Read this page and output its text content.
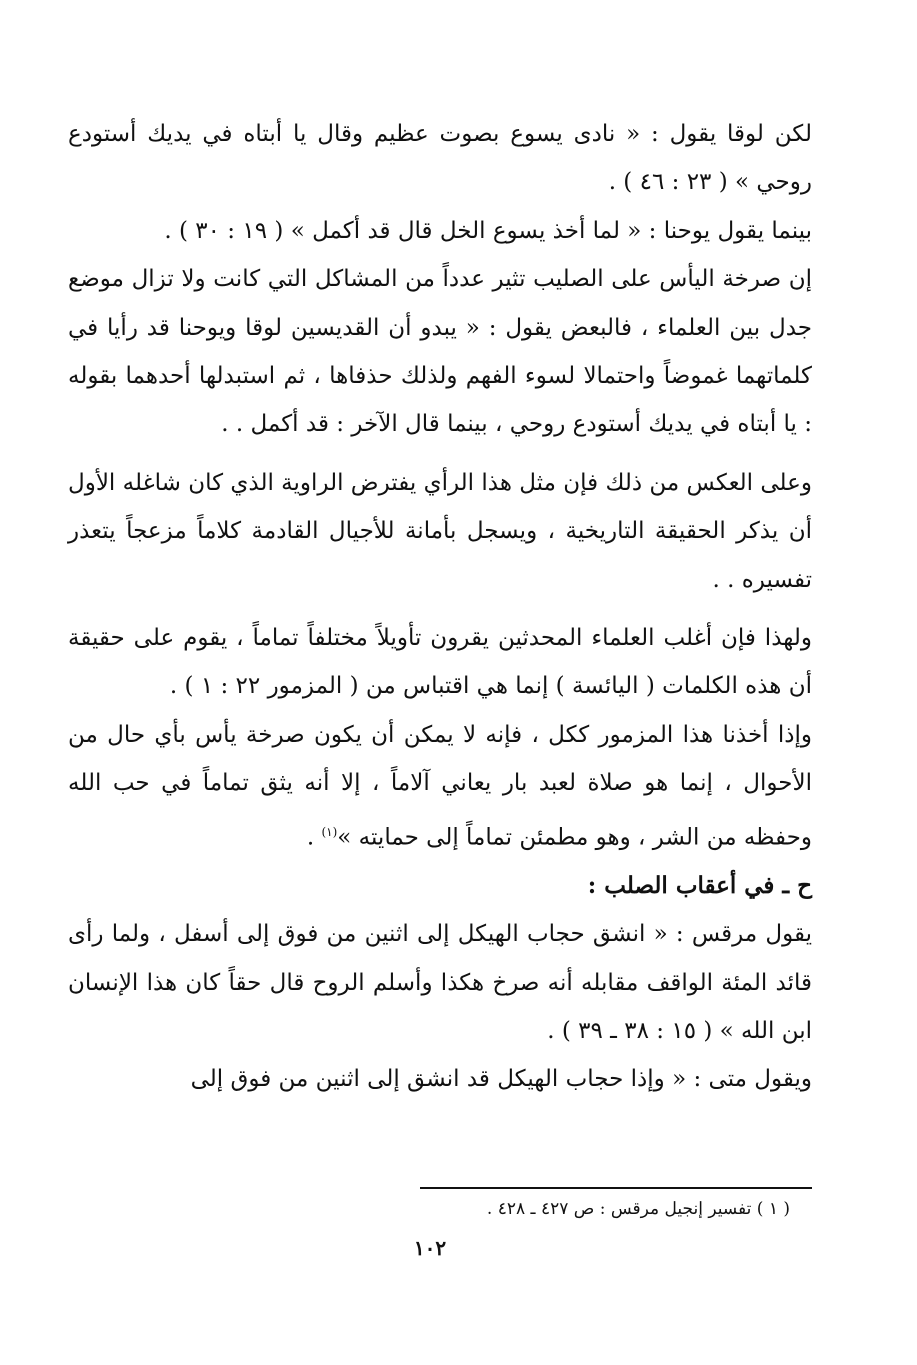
لكن لوقا يقول : « نادى يسوع بصوت عظيم وقال يا أبتاه في يديك أستودع روحي » ( ٢٣ : ٤٦ ) .

بينما يقول يوحنا : « لما أخذ يسوع الخل قال قد أكمل » ( ١٩ : ٣٠ ) .

إن صرخة اليأس على الصليب تثير عدداً من المشاكل التي كانت ولا تزال موضع جدل بين العلماء ، فالبعض يقول : « يبدو أن القديسين لوقا ويوحنا قد رأيا في كلماتهما غموضاً واحتمالا لسوء الفهم ولذلك حذفاها ، ثم استبدلها أحدهما بقوله : يا أبتاه في يديك أستودع روحي ، بينما قال الآخر : قد أكمل . .

وعلى العكس من ذلك فإن مثل هذا الرأي يفترض الراوية الذي كان شاغله الأول أن يذكر الحقيقة التاريخية ، ويسجل بأمانة للأجيال القادمة كلاماً مزعجاً يتعذر تفسيره . .

ولهذا فإن أغلب العلماء المحدثين يقرون تأويلاً مختلفاً تماماً ، يقوم على حقيقة أن هذه الكلمات ( اليائسة ) إنما هي اقتباس من ( المزمور ٢٢ : ١ ) .

وإذا أخذنا هذا المزمور ككل ، فإنه لا يمكن أن يكون صرخة يأس بأي حال من الأحوال ، إنما هو صلاة لعبد بار يعاني آلاماً ، إلا أنه يثق تماماً في حب الله وحفظه من الشر ، وهو مطمئن تماماً إلى حمايته »$^{(١)}$ .

ح ـ في أعقاب الصلب :

يقول مرقس : « انشق حجاب الهيكل إلى اثنين من فوق إلى أسفل ، ولما رأى قائد المئة الواقف مقابله أنه صرخ هكذا وأسلم الروح قال حقاً كان هذا الإنسان ابن الله » ( ١٥ : ٣٨ ـ ٣٩ ) .

ويقول متى : « وإذا حجاب الهيكل قد انشق إلى اثنين من فوق إلى

( ١ ) تفسير إنجيل مرقس : ص ٤٢٧ ـ ٤٢٨ .
١٠٢
